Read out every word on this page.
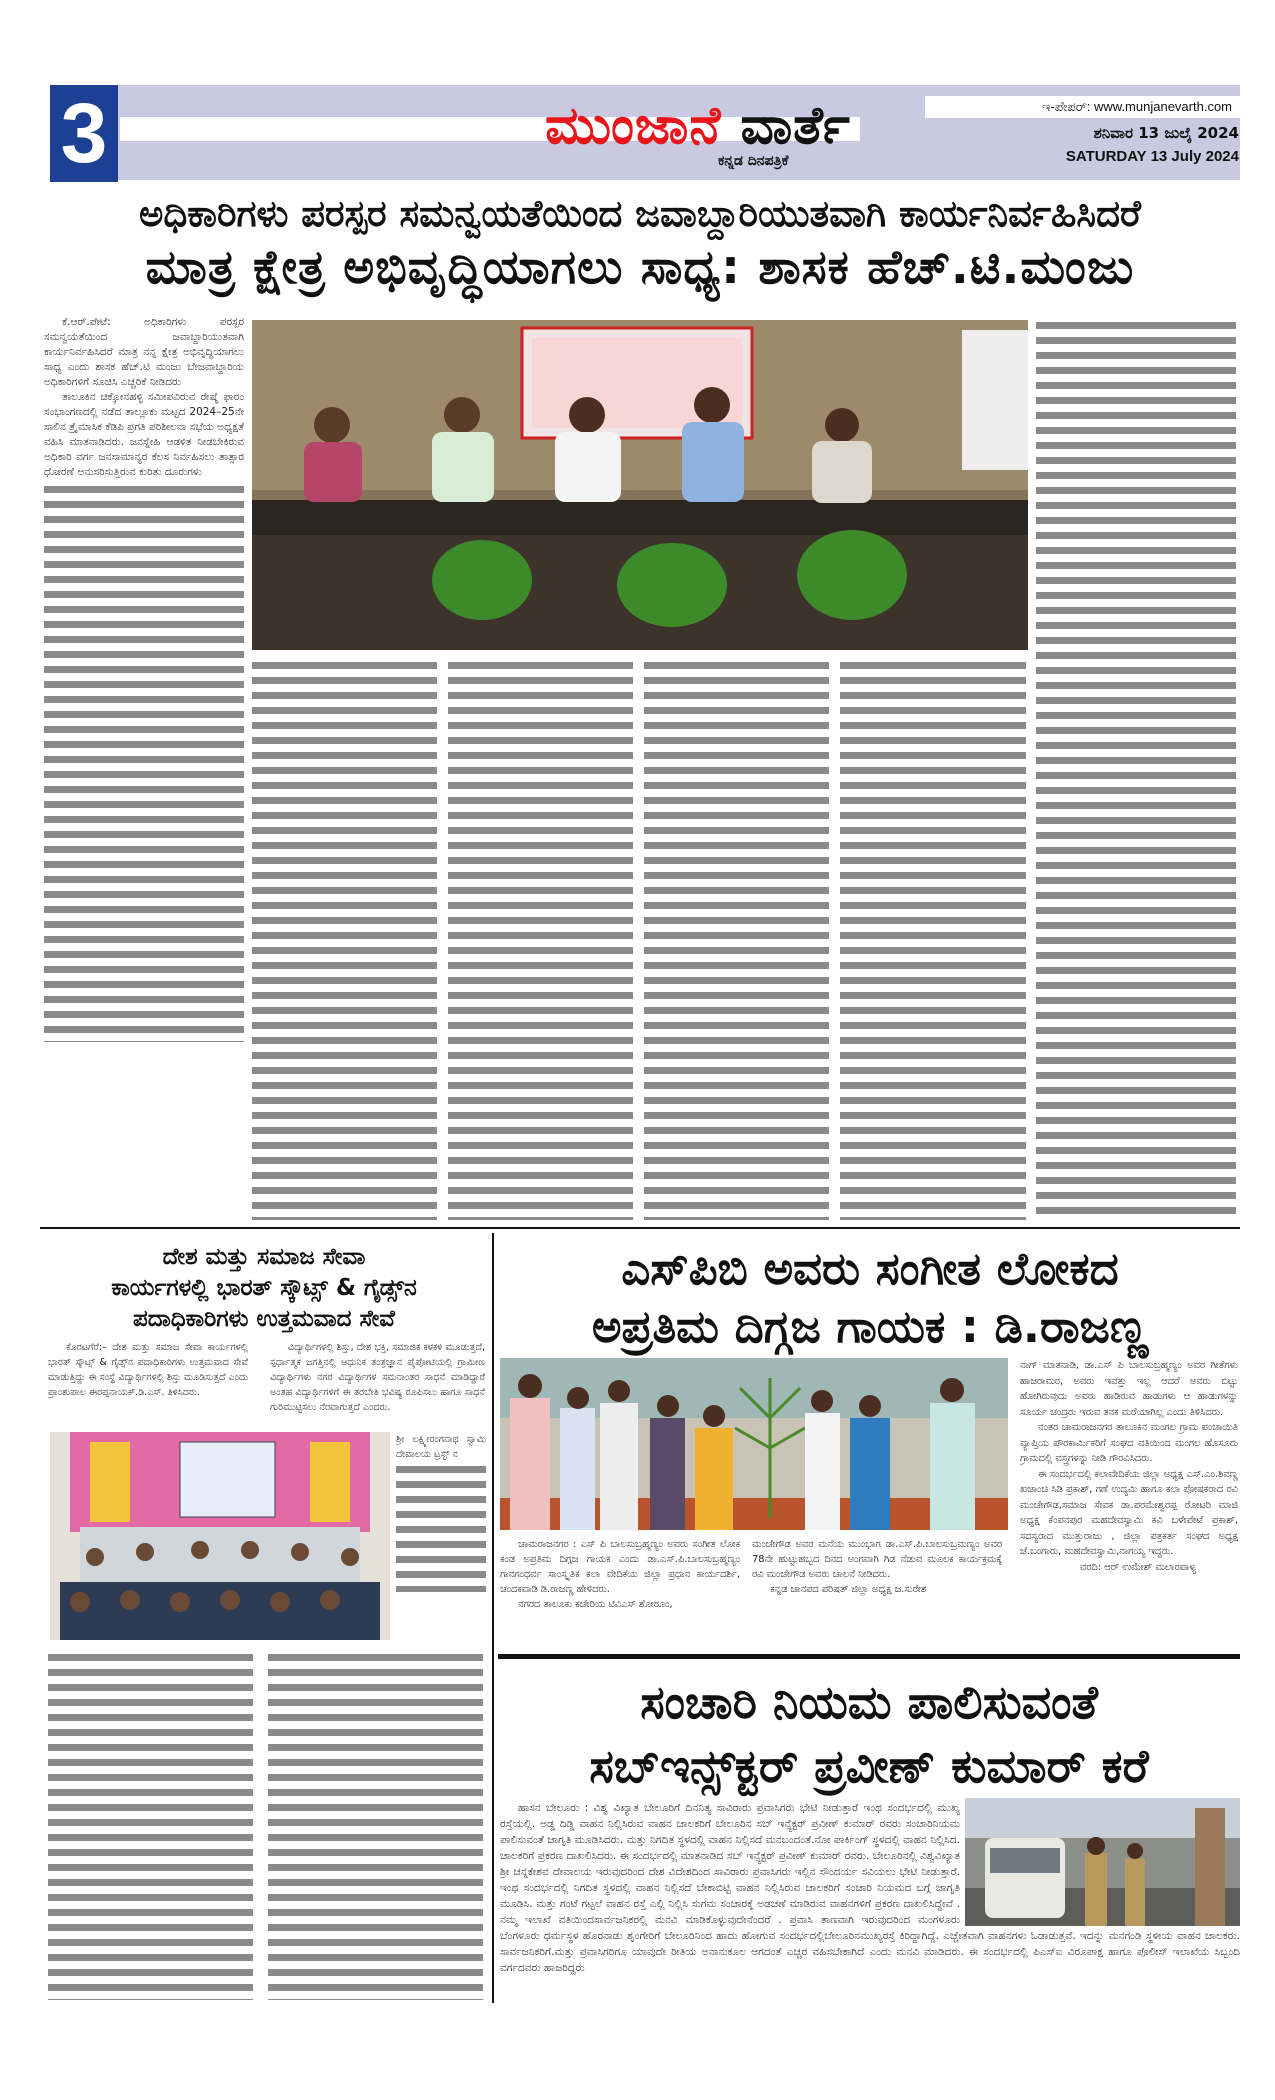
3	ಮುಂಜಾನೆ ವಾರ್ತೆ
ಕನ್ನಡ ದಿನಪತ್ರಿಕೆ
ಇ-ಪೇಪರ್: www.munjanevarth.com
ಶನಿವಾರ 13 ಜುಲೈ 2024
SATURDAY 13 July 2024
ಅಧಿಕಾರಿಗಳು ಪರಸ್ಪರ ಸಮನ್ವಯತೆಯಿಂದ ಜವಾಬ್ದಾರಿಯುತವಾಗಿ ಕಾರ್ಯನಿರ್ವಹಿಸಿದರೆ
ಮಾತ್ರ ಕ್ಷೇತ್ರ ಅಭಿವೃದ್ಧಿಯಾಗಲು ಸಾಧ್ಯ: ಶಾಸಕ ಹೆಚ್.ಟಿ.ಮಂಜು

ಕೆ.ಆರ್.ಪೇಟೆ: ಅಧಿಕಾರಿಗಳು ಪರಸ್ಪರ ಸಮನ್ವಯತೆಯಿಂದ ಜವಾಬ್ದಾರಿಯುತವಾಗಿ ಕಾರ್ಯನಿರ್ವಹಿಸಿದರೆ ಮಾತ್ರ ನನ್ನ ಕ್ಷೇತ್ರ ಅಭಿವೃದ್ಧಿಯಾಗಲು ಸಾಧ್ಯ ಎಂದು ಶಾಸಕ ಹೆಚ್.ಟಿ ಮಂಜು ಬೇಜವಾಬ್ದಾರಿಯ ಅಧಿಕಾರಿಗಳಿಗೆ ಸೂಚಿಸಿ ಎಚ್ಚರಿಕೆ ನೀಡಿದರು

ತಾಲೂಕಿನ ಚಿಕ್ಕೋನಹಳ್ಳಿ ಸಮೀಪವಿರುವ ರೇಷ್ಮೆ ಫಾರಂ ಸಂಭಾಂಗಣದಲ್ಲಿ ನಡೆದ ತಾಲ್ಲೂಕು ಮಟ್ಟದ 2024–25ನೇ ಸಾಲಿನ ತ್ರೈಮಾಸಿಕ ಕೆಡಿಪಿ ಪ್ರಗತಿ ಪರಿಶೀಲನಾ ಸಭೆಯ ಅಧ್ಯಕ್ಷತೆ ವಹಿಸಿ ಮಾತನಾಡಿದರು. ಜನಸ್ನೇಹಿ ಆಡಳಿತ ನೀಡಬೇಕಿರುವ ಅಧಿಕಾರಿ ವರ್ಗ ಜನಸಾಮಾನ್ಯರ ಕೆಲಸ ನಿರ್ವಹಿಸಲು ತಾತ್ಸಾರ ಧೋರಣೆ ಅನುಸರಿಸುತ್ತಿರುವ ಕುರಿತು ದೂರುಗಳು

ದೇಶ ಮತ್ತು ಸಮಾಜ ಸೇವಾ
ಕಾರ್ಯಗಳಲ್ಲಿ ಭಾರತ್ ಸ್ಕೌಟ್ಸ್ & ಗೈಡ್ಸ್‌ನ
ಪದಾಧಿಕಾರಿಗಳು ಉತ್ತಮವಾದ ಸೇವೆ

ಕೊರಟಗೆರೆ:– ದೇಶ ಮತ್ತು ಸಮಾಜ ಸೇವಾ ಕಾರ್ಯಗಳಲ್ಲಿ ಭಾರತ್ ಸ್ಕೌಟ್ಸ್ & ಗೈಡ್ಸ್‌ನ ಪದಾಧಿಕಾರಿಗಳು ಉತ್ತಮವಾದ ಸೇವೆ ಮಾಡುತ್ತಿದ್ದು ಈ ಸಂಸ್ಥೆ ವಿದ್ಯಾರ್ಥಿಗಳಲ್ಲಿ ಶಿಸ್ತು ಮೂಡಿಸುತ್ತದೆ ಎಂದು ಪ್ರಾಂಶುಪಾಲ ಈರಪ್ಪನಾಯಕ್.ಡಿ.ಎಸ್. ತಿಳಿಸಿದರು.

ವಿದ್ಯಾರ್ಥಿಗಳಲ್ಲಿ ಶಿಸ್ತು, ದೇಶ ಭಕ್ತಿ, ಸಮಾಜಿಕ ಕಳಕಳಿ ಮೂಡುತ್ತದೆ, ಸ್ಪರ್ಧಾತ್ಮಕ ಜಗತ್ತಿನಲ್ಲಿ ಆಧುನಿಕ ತಂತ್ರಜ್ಞಾನ ಪೈಪೋಟಿಯಲ್ಲಿ ಗ್ರಾಮೀಣ ವಿದ್ಯಾರ್ಥಿಗಳು ನಗರ ವಿದ್ಯಾರ್ಥಿಗಳ ಸಮನಾಂತರ ಸಾಧನೆ ಮಾಡಿದ್ದಾರೆ ಅಂತಹ ವಿದ್ಯಾರ್ಥಿಗಳಿಗೆ ಈ ತರಬೇತಿ ಭವಿಷ್ಯ ರೂಪಿಸಲು ಹಾಗೂ ಸಾಧನೆ ಗುರಿಮುಟ್ಟಿಸಲು ನೆರವಾಗುತ್ತದೆ ಎಂದರು.

ಶ್ರೀ ಲಕ್ಷ್ಮೀರಂಗನಾಥ ಸ್ವಾಮಿ ದೇವಾಲಯ ಟ್ರಸ್ಟ್ ನ

ಎಸ್‌ಪಿಬಿ ಅವರು ಸಂಗೀತ ಲೋಕದ
ಅಪ್ರತಿಮ ದಿಗ್ಗಜ ಗಾಯಕ : ಡಿ.ರಾಜಣ್ಣ

ನಾಗ್ ಮಾತನಾಡಿ, ಡಾ.ಎಸ್ ಪಿ ಬಾಲಸುಬ್ರಹ್ಮಣ್ಯಂ ಅವರ ಗೀತೆಗಳು ಹಾಜರಾಮರ, ಅವರು ಇವತ್ತು ಇಲ್ಲ ಆದರೆ ಅವರು ಬಿಟ್ಟು ಹೋಗಿರುವುದು ಅವರು ಹಾಡಿರುವ ಹಾಡುಗಳು ಆ ಹಾಡುಗಳನ್ನು ಸೂರ್ಯ ಚಂದ್ರರು ಇರುವ ತನಕ ಮರೆಯಾಗಿಲ್ಲ ಎಂದು ತಿಳಿಸಿದರು.

ನಂತರ ಚಾಮರಾಜನಗರ ತಾಲೂಕಿನ ಮಂಗಲ ಗ್ರಾಮ ಪಂಚಾಯಿತಿ ವ್ಯಾಪ್ತಿಯ ಪೌರಕಾರ್ಮಿಕರಿಗೆ ಸಂಘದ ವತಿಯಿಂದ ಮಂಗಲ ಹೊಸೂರು ಗ್ರಾಮದಲ್ಲಿ ವಸ್ತ್ರಗಳನ್ನು ನೀಡಿ ಗೌರವಿಸಿದರು.

ಈ ಸಂದರ್ಭದಲ್ಲಿ ಕಲಾವೇದಿಕೆಯ ಜಿಲ್ಲಾ ಅಧ್ಯಕ್ಷ ಎಸ್.ಎಂ.ಶಿವಣ್ಣ ಖಜಾಂಚಿ ಸಿಡಿ ಪ್ರಕಾಶ್, ಗಣೆ ಉದ್ಯಮಿ ಹಾಗೂ ಕಲಾ ಪೋಷಕರಾದ ರವಿ ಮಂಚೇಗೌಡ,ಸಮಾಜ ಸೇವಕ ಡಾ.ಪರಮೇಶ್ವರಪ್ಪ ರೋಟರಿ ಮಾಜಿ ಅಧ್ಯಕ್ಷ ಕೆಂಪನಪುರ ಮಹದೇವಸ್ವಾಮಿ ಕವಿ ಬಳೇಪೇಟೆ ಪ್ರಕಾಶ್, ಸದಸ್ಯರಾದ ಮುತ್ತುರಾಜು , ಜಿಲ್ಲಾ ಪತ್ರಕರ್ತ ಸಂಘದ ಅಧ್ಯಕ್ಷ ಜೆ.ಬಂಗಾರು, ಮಹದೇವಸ್ವಾಮಿ,ನಾಗಯ್ಯ ಇದ್ದರು.

ವರದಿ: ಆರ್ ಉಮೇಶ್ ಮಲಾರಪಾಳ್ಯ

ಚಾಮರಾಜನಗರ : ಎಸ್ ಪಿ ಬಾಲಸುಬ್ರಹ್ಮಣ್ಯಂ ಅವರು ಸಂಗೀತ ಲೋಕ ಕಂಡ ಅಪ್ರತಿಮ ದಿಗ್ಗಜ ಗಾಯಕ ಎಂದು ಡಾ.ಎಸ್.ಪಿ.ಬಾಲಸುಬ್ರಹ್ಮಣ್ಯಂ ಗಾನಗಂಧರ್ವ ಸಾಂಸ್ಕೃತಿಕ ಕಲಾ ವೇದಿಕೆಯ ಜಿಲ್ಲಾ ಪ್ರಧಾನ ಕಾರ್ಯದರ್ಶಿ, ಚಂದಕವಾಡಿ ಡಿ.ರಾಜಣ್ಣ ಹೇಳಿದರು.

ನಗರದ ತಾಲೂಕು ಕಚೇರಿಯ ಟಿವಿಎಸ್ ಶೋರೂಂ,

ಮಂಚೇಗೌಡ ಅವರ ಮನೆಯ ಮುಂಭಾಗ ಡಾ.ಎಸ್.ಪಿ.ಬಾಲಸುಬ್ರಮಣ್ಯಂ ಅವರ 78ನೇ ಹುಟ್ಟುಹಬ್ಬದ ದಿನದ ಅಂಗವಾಗಿ ಗಿಡ ನೆಡುವ ಮೂಲಕ ಕಾರ್ಯಕ್ರಮಕ್ಕೆ ರವಿ ಮಂಚೇಗೌಡ ಅವರು ಚಾಲನೆ ನೀಡಿದರು.

ಕನ್ನಡ ಜಾನಪದ ಪರಿಷತ್ ಜಿಲ್ಲಾ ಅಧ್ಯಕ್ಷ ಜ.ಸುರೇಶ

ಸಂಚಾರಿ ನಿಯಮ ಪಾಲಿಸುವಂತೆ
ಸಬ್‌ಇನ್ಸ್‌ಕ್ಟರ್ ಪ್ರವೀಣ್ ಕುಮಾರ್ ಕರೆ

ಹಾಸನ ಬೇಲೂರು : ವಿಶ್ವ ವಿಖ್ಯಾತ ಬೇಲೂರಿಗೆ ದಿನನಿತ್ಯ ಸಾವಿರಾರು ಪ್ರವಾಸಿಗರು ಭೇಟಿ ನೀಡುತ್ತಾರೆ ಇಂಥ ಸಂದರ್ಭದಲ್ಲಿ ಮುಖ್ಯ ರಸ್ತೆಯಲ್ಲಿ. ಅಡ್ಡ ದಿಡ್ಡಿ ವಾಹನ ನಿಲ್ಲಿಸಿರುವ ವಾಹನ ಚಾಲಕರಿಗೆ ಬೇಲೂರಿನ ಸಬ್ ಇನ್ಸ್ಪೆಕ್ಟರ್ ಪ್ರವೀಣ್ ಕುಮಾರ್ ರವರು ಸಂಚಾರಿನಿಯಮ ಪಾಲಿಸುವಂತೆ ಜಾಗೃತಿ ಮೂಡಿಸಿದರು. ಮತ್ತು ನಿಗದಿತ ಸ್ಥಳದಲ್ಲಿ ವಾಹನ ನಿಲ್ಲಿಸದೆ ಮನಬಂದಂತೆ.ನೋ ಪಾರ್ಕಿಂಗ್ ಸ್ಥಳದಲ್ಲಿ ವಾಹನ ನಿಲ್ಲಿಸಿದ. ಚಾಲಕರಿಗೆ ಪ್ರಕರಣ ದಾಖಲಿಸಿದರು. ಈ ಸಂದರ್ಭದಲ್ಲಿ ಮಾತನಾಡಿದ ಸಬ್ ಇನ್ಸ್ಪೆಕ್ಟರ್ ಪ್ರವೀಣ್ ಕುಮಾರ್ ರವರು. ಬೇಲೂರಿನಲ್ಲಿ ವಿಶ್ವವಿಖ್ಯಾತ ಶ್ರೀ ಚನ್ನಕೇಶವ ದೇವಾಲಯ ಇರುವುದರಿಂದ ದೇಶ ವಿದೇಶದಿಂದ ಸಾವಿರಾರು ಪ್ರವಾಸಿಗರು ಇಲ್ಲಿನ ಸೌಂದರ್ಯ ಸವಿಯಲು ಭೇಟಿ ನೀಡುತ್ತಾರೆ. ಇಂಥ ಸಂದರ್ಭದಲ್ಲಿ ನಿಗದಿತ ಸ್ಥಳದಲ್ಲಿ ವಾಹನ ನಿಲ್ಲಿಸದೆ ಬೇಕಾಬಿಟ್ಟಿ ವಾಹನ ನಿಲ್ಲಿಸಿರುವ ಚಾಲಕರಿಗೆ ಸಂಚಾರಿ ನಿಯಮದ ಬಗ್ಗೆ ಜಾಗೃತಿ ಮೂಡಿಸಿ. ಮತ್ತು ಗಂಟೆ ಗಟ್ಟಲೆ ವಾಹನ ರಸ್ತೆ ಎಲ್ಲಿ ನಿಲ್ಲಿಸಿ ಸುಗಮ ಸಂಚಾರಕ್ಕೆ ಅಡಚಣೆ ಮಾಡಿರುವ ವಾಹನಗಳಿಗೆ ಪ್ರಕರಣ ದಾಖಲಿಸಿದ್ದೇವೆ . ನಮ್ಮ ಇಲಾಖೆ ವತಿಯಿಂದಸಾರ್ವಜನಿಕರಲ್ಲಿ ಮನವಿ ಮಾಡಿಕೊಳ್ಳುವುದೇನೆಂದರೆ . ಪ್ರವಾಸಿ ತಾಣವಾಗಿ ಇರುವುದರಿಂದ ಮಂಗಳೂರು ಬೆಂಗಳೂರು ಧರ್ಮಸ್ಥಳ ಹೊರನಾಡು ಶೃಂಗೇರಿಗೆ ಬೇಲೂರಿನಿಂದ ಹಾದು ಹೋಗುವ ಸಂದರ್ಭದಲ್ಲಿಬೇಲೂರಿನಮುಖ್ಯರಸ್ತೆ ಕಿರಿದ್ದಾಗಿದ್ದೆ. ಎಚ್ಚೇತವಾಗಿ ವಾಹನಗಳು ಓಡಾಡುತ್ತವೆ. ಇದನ್ನು ಮನಗಂಡಿ ಸ್ಥಳೀಯ ವಾಹನ ಚಾಲಕರು. ಸಾರ್ವಜನಿಕರಿಗೆ.ಮತ್ತು ಪ್ರವಾಸಿಗರಿಗೂ ಯಾವುದೇ ರೀತಿಯ ಅನಾನುಕೂಲ ಆಗದಂತೆ ಎಚ್ಚರ ವಹಿಸಬೇಕಾಗಿದೆ ಎಂದು ಮನವಿ ಮಾಡಿದರು. ಈ ಸಂದರ್ಭದಲ್ಲಿ ಪಿಎಸ್ಐ ವಿರೂಪಾಕ್ಷ ಹಾಗೂ ಪೊಲೀಸ್ ಇಲಾಖೆಯ ಸಿಬ್ಬಂದಿ ವರ್ಗದವರು ಹಾಜರಿದ್ದರು
